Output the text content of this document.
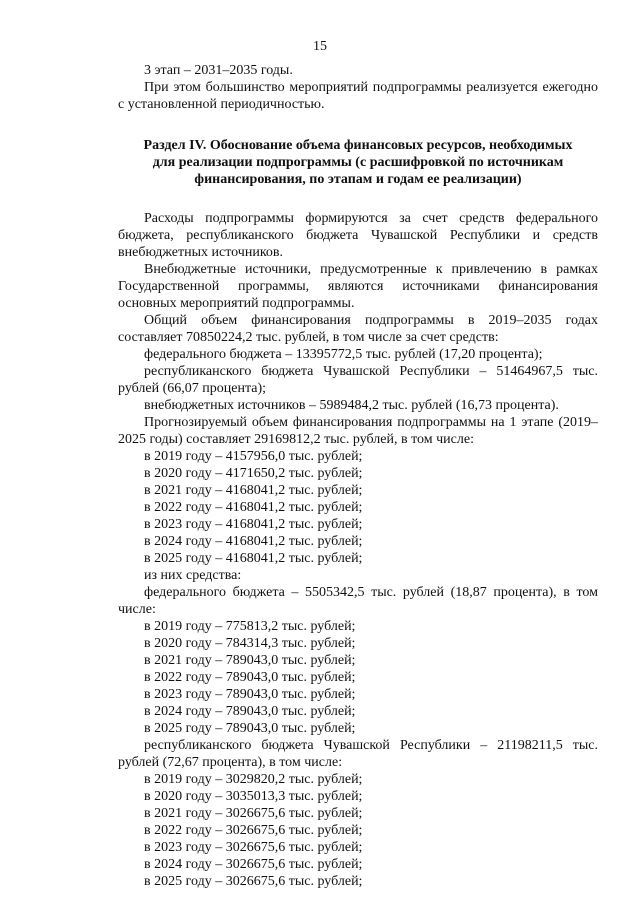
15

3 этап – 2031–2035 годы.

При этом большинство мероприятий подпрограммы реализуется ежегодно с установленной периодичностью.

Раздел IV. Обоснование объема финансовых ресурсов, необходимых
для реализации подпрограммы (с расшифровкой по источникам
финансирования, по этапам и годам ее реализации)

Расходы подпрограммы формируются за счет средств федерального бюджета, республиканского бюджета Чувашской Республики и средств внебюджетных источников.

Внебюджетные источники, предусмотренные к привлечению в рамках Государственной программы, являются источниками финансирования основных мероприятий подпрограммы.

Общий объем финансирования подпрограммы в 2019–2035 годах составляет 70850224,2 тыс. рублей, в том числе за счет средств:

федерального бюджета – 13395772,5 тыс. рублей (17,20 процента);

республиканского бюджета Чувашской Республики – 51464967,5 тыс. рублей (66,07 процента);

внебюджетных источников – 5989484,2 тыс. рублей (16,73 процента).

Прогнозируемый объем финансирования подпрограммы на 1 этапе (2019–2025 годы) составляет 29169812,2 тыс. рублей, в том числе:

в 2019 году – 4157956,0 тыс. рублей;

в 2020 году – 4171650,2 тыс. рублей;

в 2021 году – 4168041,2 тыс. рублей;

в 2022 году – 4168041,2 тыс. рублей;

в 2023 году – 4168041,2 тыс. рублей;

в 2024 году – 4168041,2 тыс. рублей;

в 2025 году – 4168041,2 тыс. рублей;

из них средства:

федерального бюджета – 5505342,5 тыс. рублей (18,87 процента), в том числе:

в 2019 году – 775813,2 тыс. рублей;

в 2020 году – 784314,3 тыс. рублей;

в 2021 году – 789043,0 тыс. рублей;

в 2022 году – 789043,0 тыс. рублей;

в 2023 году – 789043,0 тыс. рублей;

в 2024 году – 789043,0 тыс. рублей;

в 2025 году – 789043,0 тыс. рублей;

республиканского бюджета Чувашской Республики – 21198211,5 тыс. рублей (72,67 процента), в том числе:

в 2019 году – 3029820,2 тыс. рублей;

в 2020 году – 3035013,3 тыс. рублей;

в 2021 году – 3026675,6 тыс. рублей;

в 2022 году – 3026675,6 тыс. рублей;

в 2023 году – 3026675,6 тыс. рублей;

в 2024 году – 3026675,6 тыс. рублей;

в 2025 году – 3026675,6 тыс. рублей;
